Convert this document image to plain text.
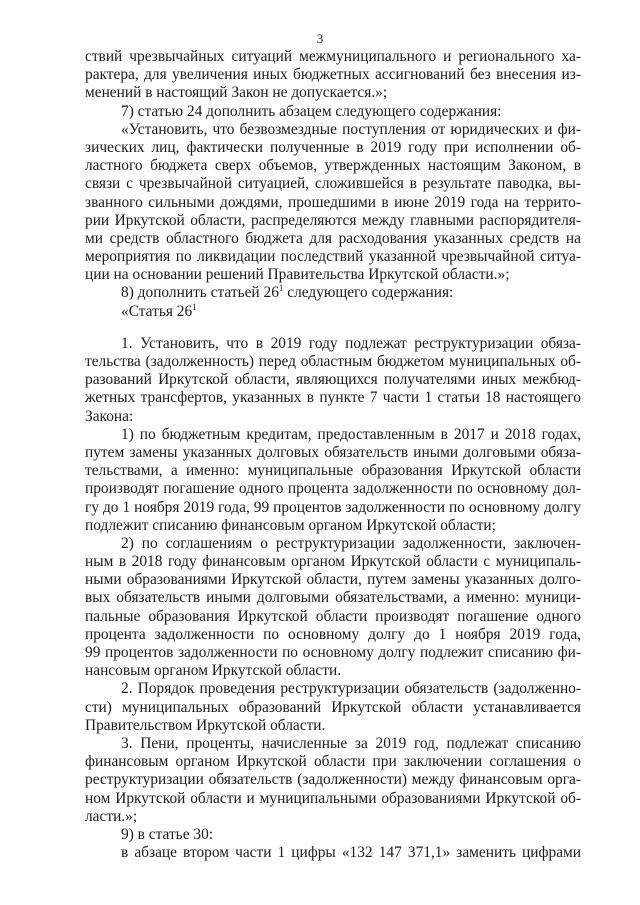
3
ствий чрезвычайных ситуаций межмуниципального и регионального ха-
рактера, для увеличения иных бюджетных ассигнований без внесения из-
менений в настоящий Закон не допускается.»;
7) статью 24 дополнить абзацем следующего содержания:
«Установить, что безвозмездные поступления от юридических и фи-
зических лиц, фактически полученные в 2019 году при исполнении об-
ластного бюджета сверх объемов, утвержденных настоящим Законом, в
связи с чрезвычайной ситуацией, сложившейся в результате паводка, вы-
званного сильными дождями, прошедшими в июне 2019 года на террито-
рии Иркутской области, распределяются между главными распорядителя-
ми средств областного бюджета для расходования указанных средств на
мероприятия по ликвидации последствий указанной чрезвычайной ситуа-
ции на основании решений Правительства Иркутской области.»;
8) дополнить статьей $26^1$ следующего содержания:
«Статья $26^1$
1. Установить, что в 2019 году подлежат реструктуризации обяза-
тельства (задолженность) перед областным бюджетом муниципальных об-
разований Иркутской области, являющихся получателями иных межбюд-
жетных трансфертов, указанных в пункте 7 части 1 статьи 18 настоящего
Закона:
1) по бюджетным кредитам, предоставленным в 2017 и 2018 годах,
путем замены указанных долговых обязательств иными долговыми обяза-
тельствами, а именно: муниципальные образования Иркутской области
производят погашение одного процента задолженности по основному дол-
гу до 1 ноября 2019 года, 99 процентов задолженности по основному долгу
подлежит списанию финансовым органом Иркутской области;
2) по соглашениям о реструктуризации задолженности, заключен-
ным в 2018 году финансовым органом Иркутской области с муниципаль-
ными образованиями Иркутской области, путем замены указанных долго-
вых обязательств иными долговыми обязательствами, а именно: муници-
пальные образования Иркутской области производят погашение одного
процента задолженности по основному долгу до 1 ноября 2019 года,
99 процентов задолженности по основному долгу подлежит списанию фи-
нансовым органом Иркутской области.
2. Порядок проведения реструктуризации обязательств (задолженно-
сти) муниципальных образований Иркутской области устанавливается
Правительством Иркутской области.
3. Пени, проценты, начисленные за 2019 год, подлежат списанию
финансовым органом Иркутской области при заключении соглашения о
реструктуризации обязательств (задолженности) между финансовым орга-
ном Иркутской области и муниципальными образованиями Иркутской об-
ласти.»;
9) в статье 30:
в абзаце втором части 1 цифры «132 147 371,1» заменить цифрами
